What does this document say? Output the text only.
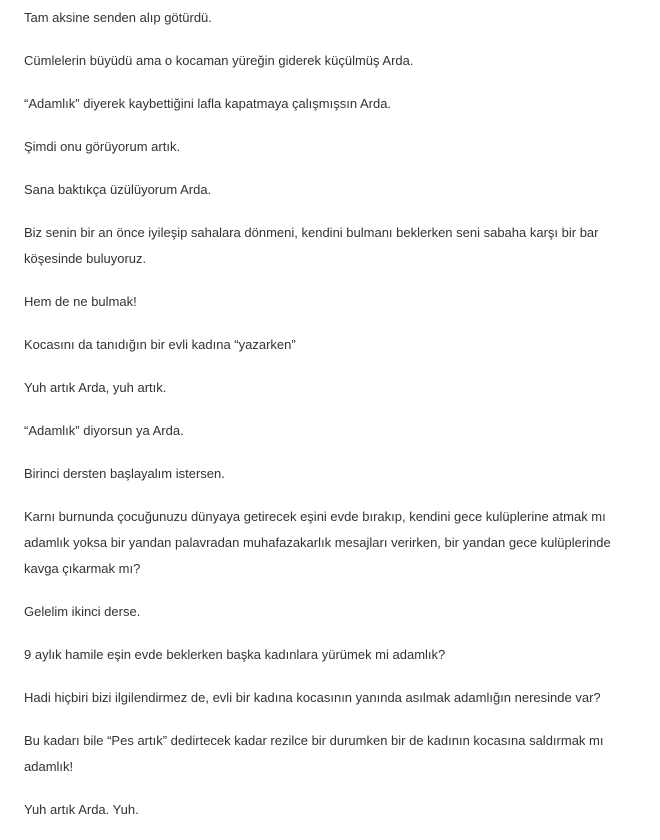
Tam aksine senden alıp götürdü.

Cümlelerin büyüdü ama o kocaman yüreğin giderek küçülmüş Arda.

“Adamlık” diyerek kaybettiğini lafla kapatmaya çalışmışsın Arda.

Şimdi onu görüyorum artık.

Sana baktıkça üzülüyorum Arda.

Biz senin bir an önce iyileşip sahalara dönmeni, kendini bulmanı beklerken seni sabaha karşı bir bar köşesinde buluyoruz.

Hem de ne bulmak!

Kocasını da tanıdığın bir evli kadına “yazarken”

Yuh artık Arda, yuh artık.

“Adamlık” diyorsun ya Arda.

Birinci dersten başlayalım istersen.

Karnı burnunda çocuğunuzu dünyaya getirecek eşini evde bırakıp, kendini gece kulüplerine atmak mı adamlık yoksa bir yandan palavradan muhafazakarlık mesajları verirken, bir yandan gece kulüplerinde kavga çıkarmak mı?

Gelelim ikinci derse.

9 aylık hamile eşin evde beklerken başka kadınlara yürümek mi adamlık?

Hadi hiçbiri bizi ilgilendirmez de, evli bir kadına kocasının yanında asılmak adamlığın neresinde var?

Bu kadarı bile “Pes artık” dedirtecek kadar rezilce bir durumken bir de kadının kocasına saldırmak mı adamlık!

Yuh artık Arda. Yuh.
